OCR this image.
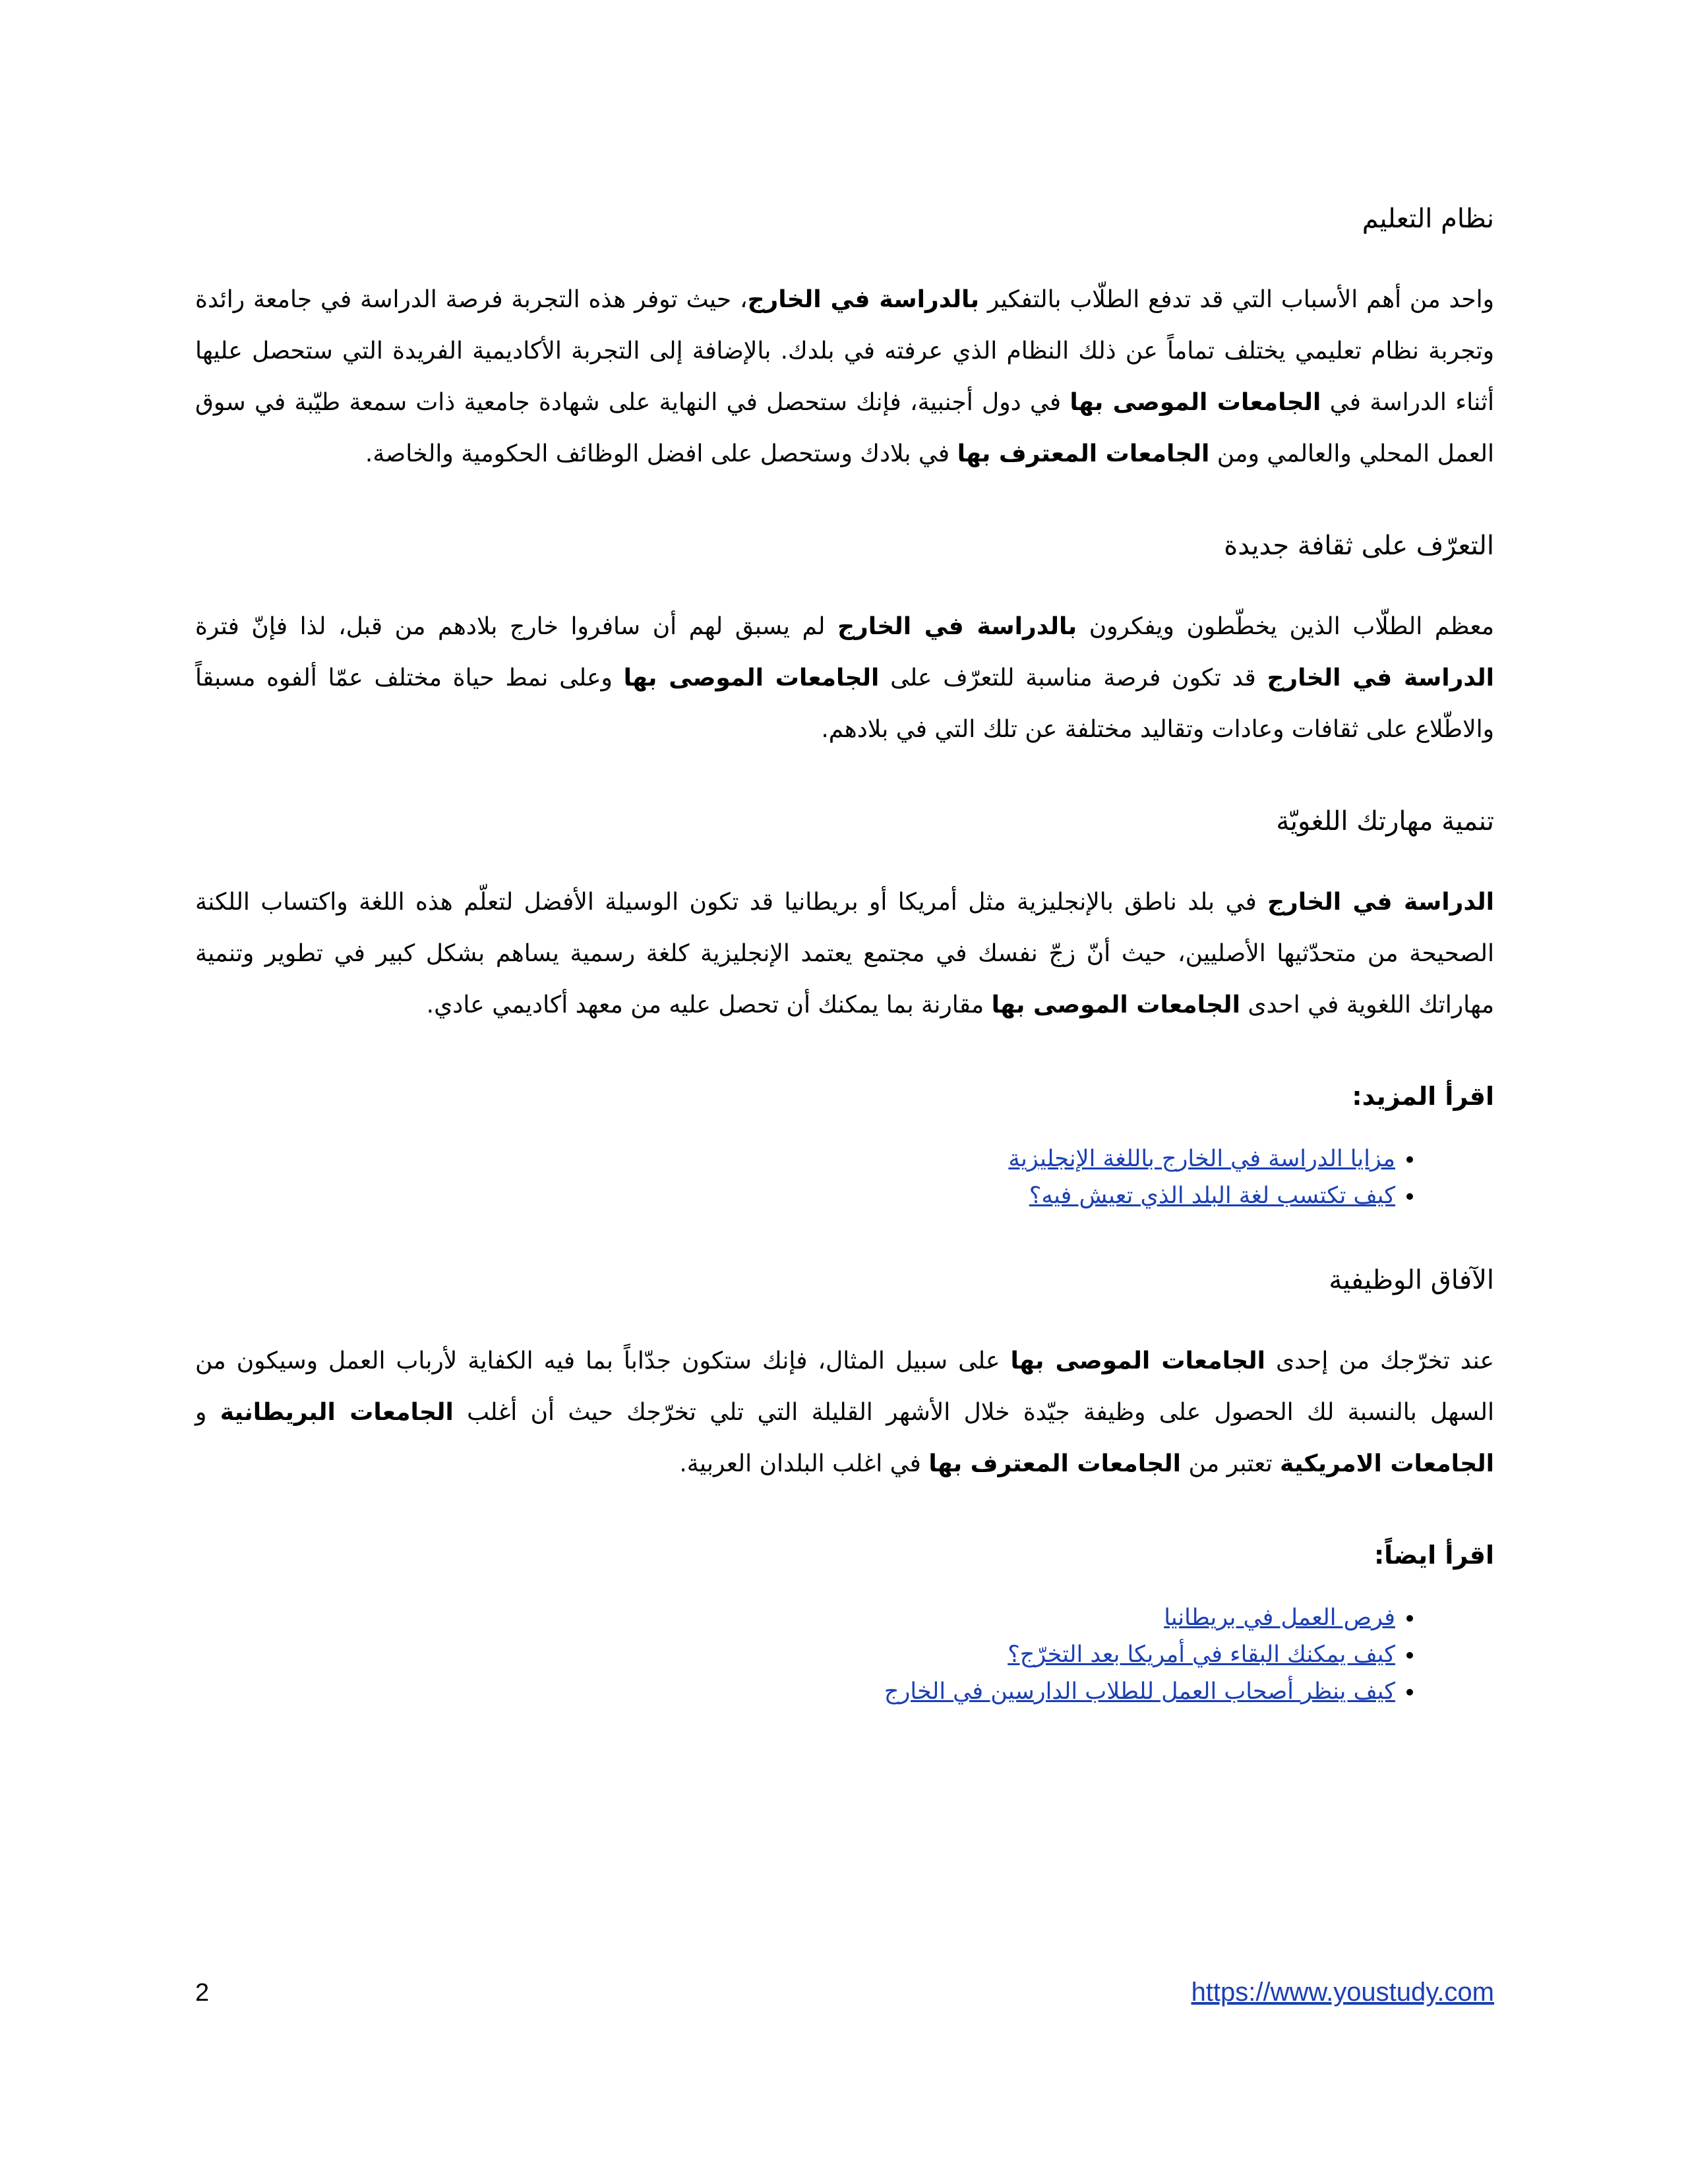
نظام التعليم

واحد من أهم الأسباب التي قد تدفع الطلّاب بالتفكير بالدراسة في الخارج، حيث توفر هذه التجربة فرصة الدراسة في جامعة رائدة وتجربة نظام تعليمي يختلف تماماً عن ذلك النظام الذي عرفته في بلدك. بالإضافة إلى التجربة الأكاديمية الفريدة التي ستحصل عليها أثناء الدراسة في الجامعات الموصى بها في دول أجنبية، فإنك ستحصل في النهاية على شهادة جامعية ذات سمعة طيّبة في سوق العمل المحلي والعالمي ومن الجامعات المعترف بها في بلادك وستحصل على افضل الوظائف الحكومية والخاصة.

التعرّف على ثقافة جديدة

معظم الطلّاب الذين يخطّطون ويفكرون بالدراسة في الخارج لم يسبق لهم أن سافروا خارج بلادهم من قبل، لذا فإنّ فترة الدراسة في الخارج قد تكون فرصة مناسبة للتعرّف على الجامعات الموصى بها وعلى نمط حياة مختلف عمّا ألفوه مسبقاً والاطّلاع على ثقافات وعادات وتقاليد مختلفة عن تلك التي في بلادهم.

تنمية مهارتك اللغويّة

الدراسة في الخارج في بلد ناطق بالإنجليزية مثل أمريكا أو بريطانيا قد تكون الوسيلة الأفضل لتعلّم هذه اللغة واكتساب اللكنة الصحيحة من متحدّثيها الأصليين، حيث أنّ زجّ نفسك في مجتمع يعتمد الإنجليزية كلغة رسمية يساهم بشكل كبير في تطوير وتنمية مهاراتك اللغوية في احدى الجامعات الموصى بها مقارنة بما يمكنك أن تحصل عليه من معهد أكاديمي عادي.

اقرأ المزيد:
• مزايا الدراسة في الخارج باللغة الإنجليزية
• كيف تكتسب لغة البلد الذي تعيش فيه؟
الآفاق الوظيفية

عند تخرّجك من إحدى الجامعات الموصى بها على سبيل المثال، فإنك ستكون جدّاباً بما فيه الكفاية لأرباب العمل وسيكون من السهل بالنسبة لك الحصول على وظيفة جيّدة خلال الأشهر القليلة التي تلي تخرّجك حيث أن أغلب الجامعات البريطانية و الجامعات الامريكية تعتبر من الجامعات المعترف بها في اغلب البلدان العربية.

اقرأ ايضاً:
• فرص العمل في بريطانيا
• كيف يمكنك البقاء في أمريكا بعد التخرّج؟
• كيف ينظر أصحاب العمل للطلاب الدارسين في الخارج
2	https://www.youstudy.com
